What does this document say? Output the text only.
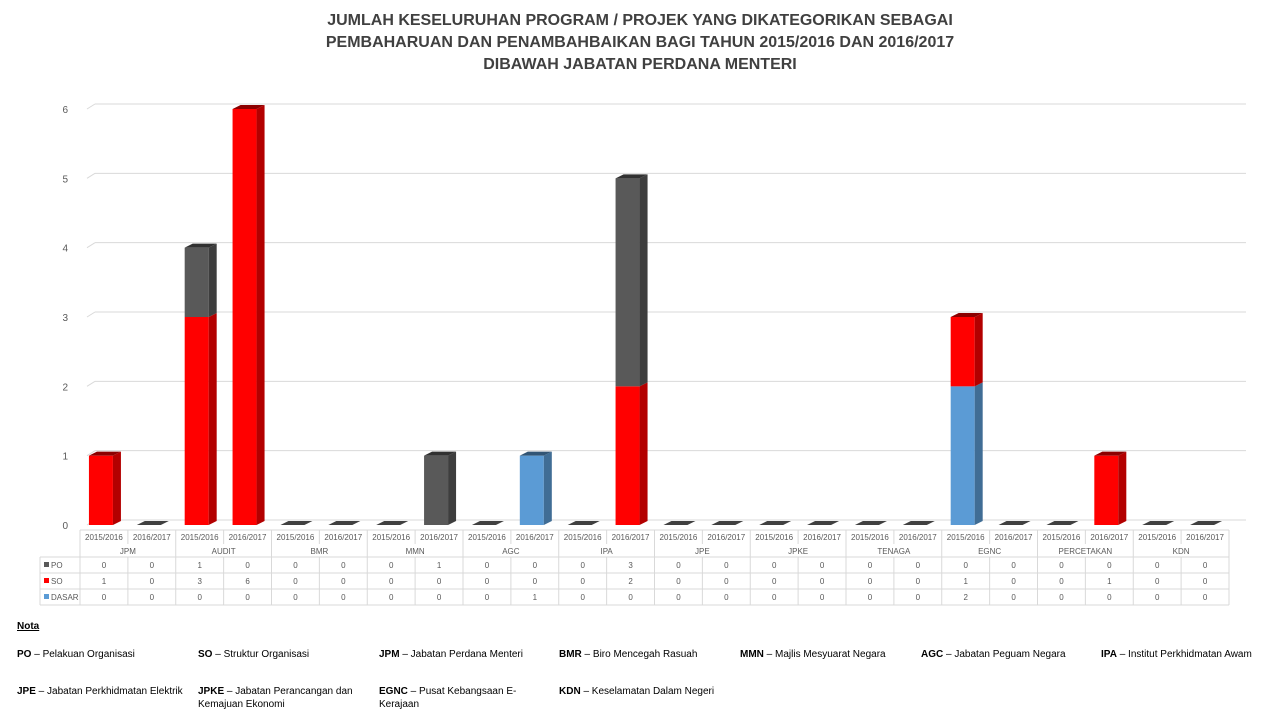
JUMLAH KESELURUHAN PROGRAM / PROJEK YANG DIKATEGORIKAN SEBAGAI
PEMBAHARUAN DAN PENAMBAHBAIKAN BAGI TAHUN 2015/2016 DAN 2016/2017
DIBAWAH JABATAN PERDANA MENTERI
0
1
2
3
4
5
6
2015/2016 2016/2017 2015/2016 2016/2017 2015/2016 2016/2017 2015/2016 2016/2017 2015/2016 2016/2017 2015/2016 2016/2017 2015/2016 2016/2017 2015/2016 2016/2017 2015/2016 2016/2017 2015/2016 2016/2017 2015/2016 2016/2017 2015/2016 2016/2017
JPM	AUDIT	BMR	MMN	AGC	IPA	JPE	JPKE	TENAGA	EGNC	PERCETAKAN	KDN
PO	0	0	1	0	0	0	0	1	0	0	0	3	0	0	0	0	0	0	0	0	0	0	0	0
SO	1	0	3	6	0	0	0	0	0	0	0	2	0	0	0	0	0	0	1	0	0	1	0	0
DASAR	0	0	0	0	0	0	0	0	0	1	0	0	0	0	0	0	0	0	2	0	0	0	0	0
Nota
PO – Pelakuan Organisasi	SO – Struktur Organisasi	JPM – Jabatan Perdana Menteri	BMR – Biro Mencegah Rasuah	MMN – Majlis Mesyuarat Negara	AGC – Jabatan Peguam Negara	IPA – Institut Perkhidmatan Awam
JPE – Jabatan Perkhidmatan Elektrik	JPKE – Jabatan Perancangan dan Kemajuan Ekonomi
EGNC – Pusat Kebangsaan E-Kerajaan
KDN – Keselamatan Dalam Negeri
